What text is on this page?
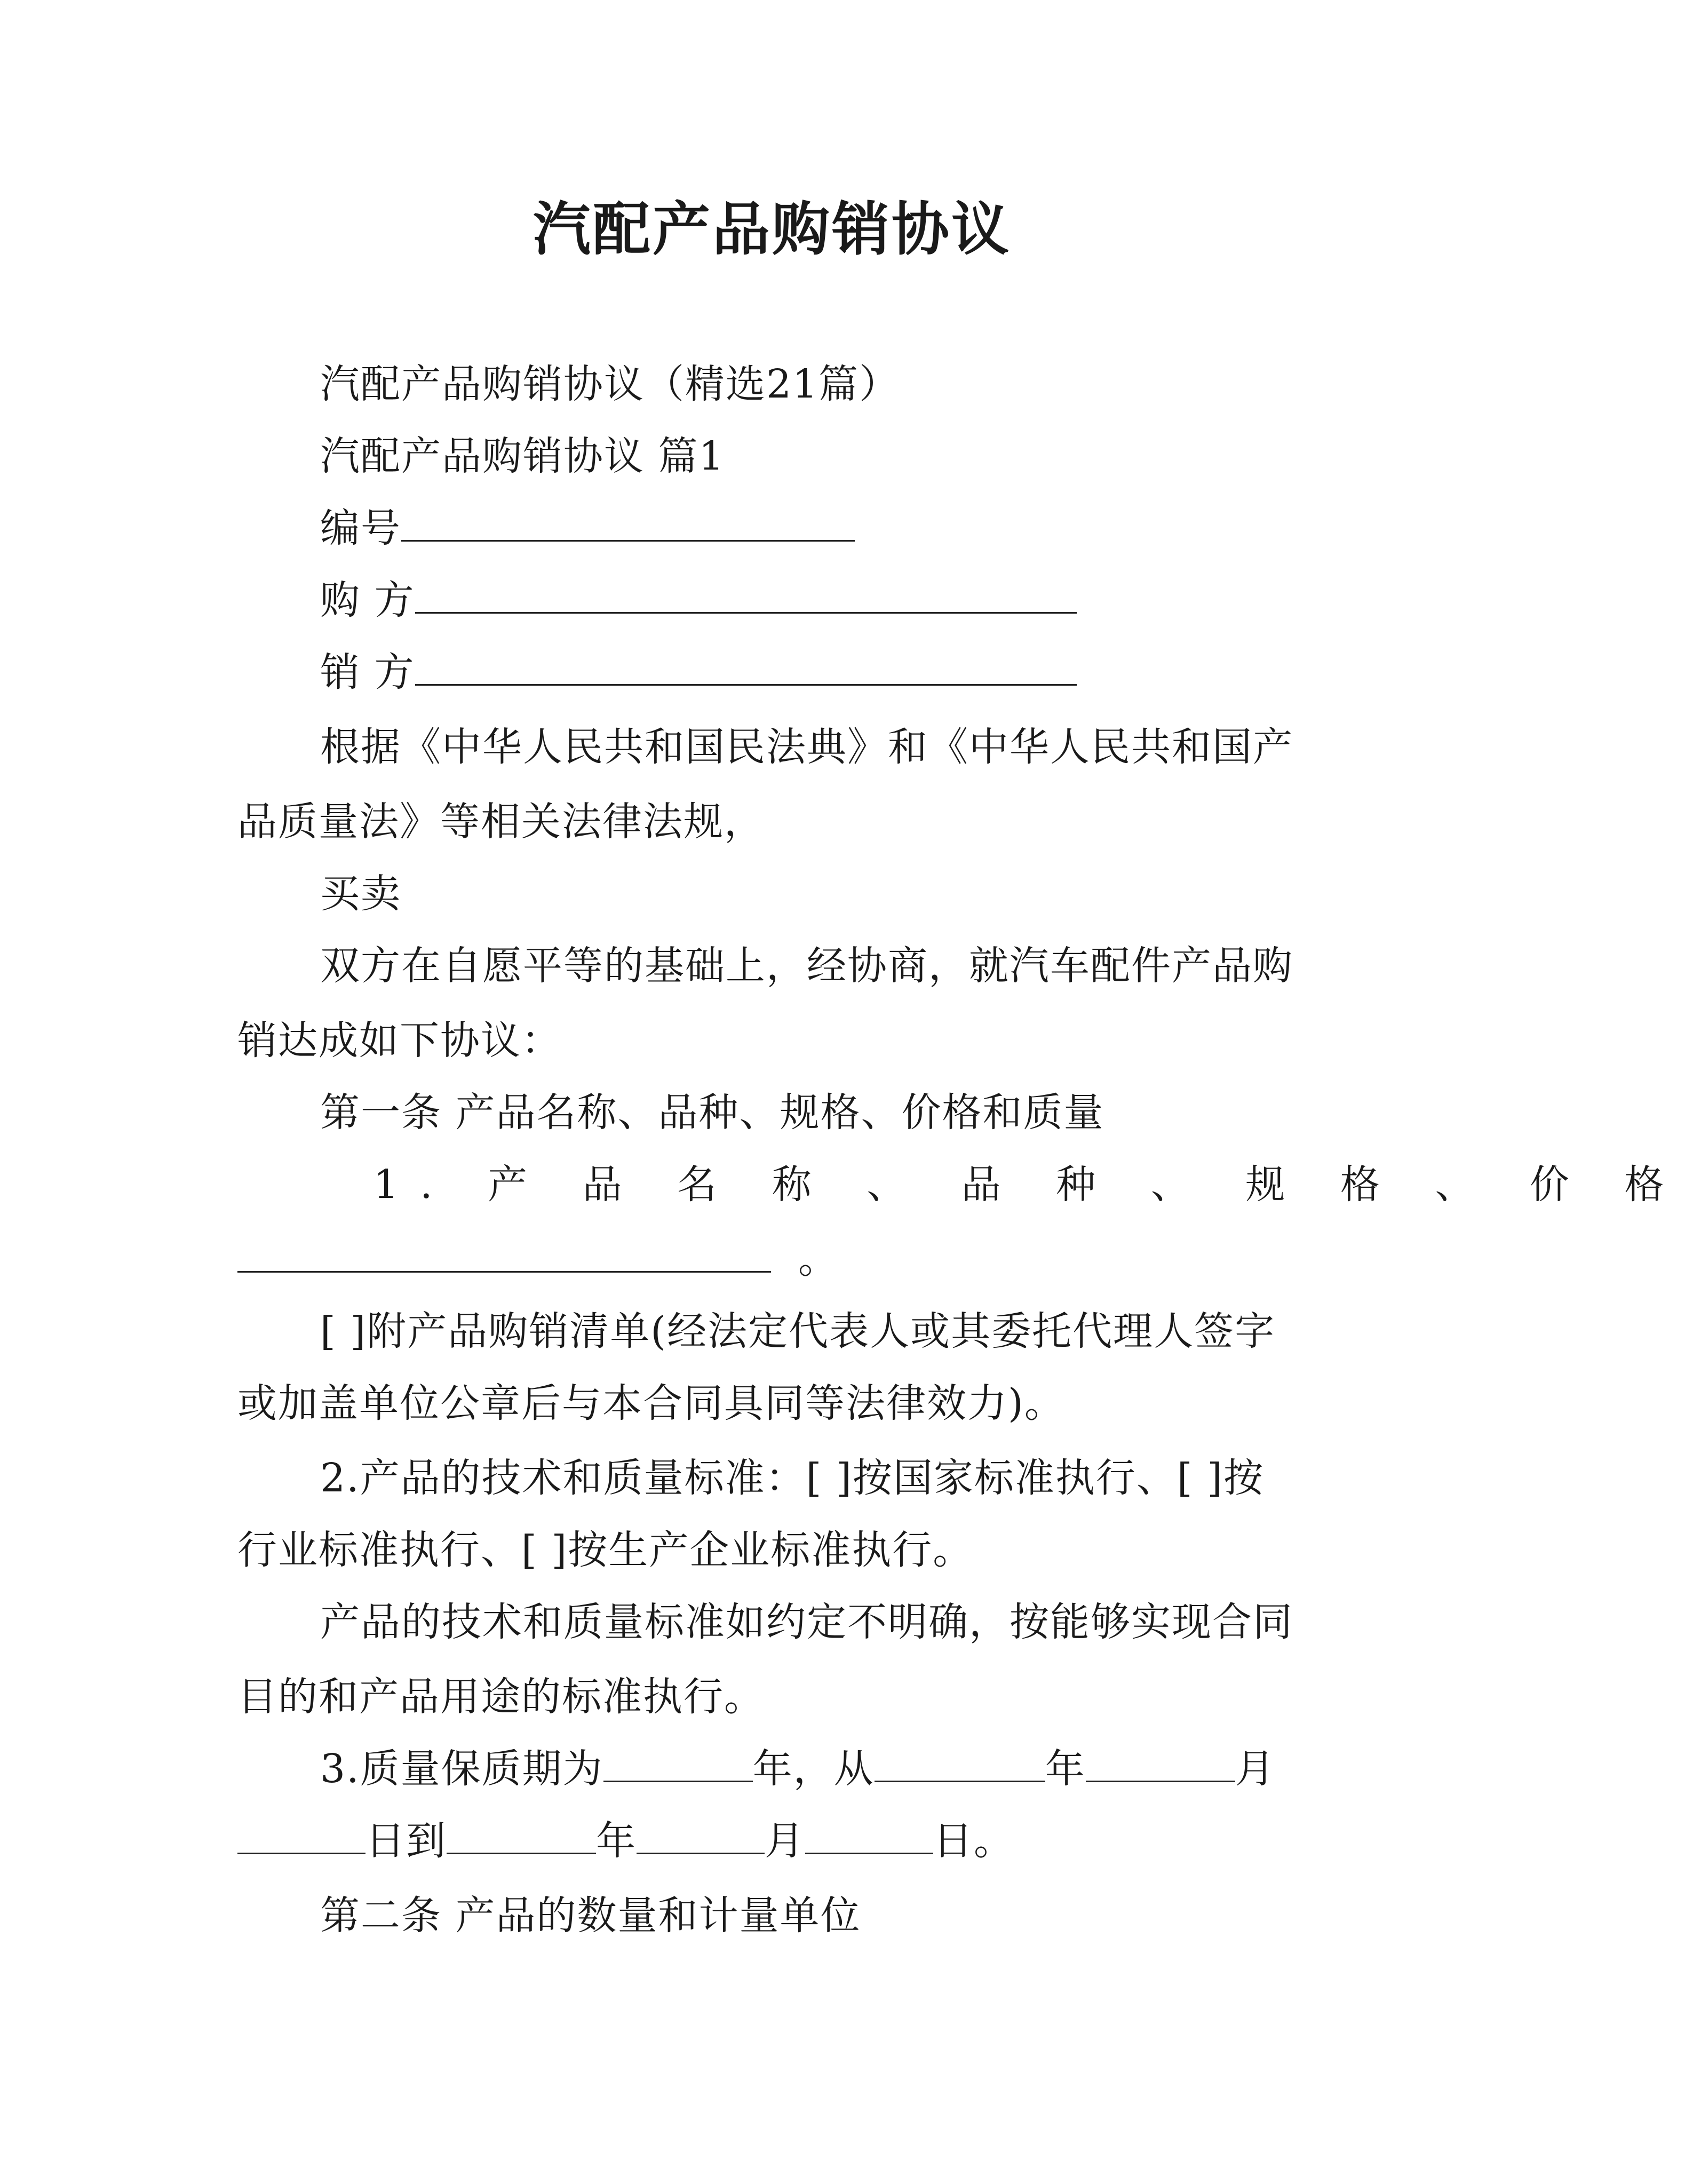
汽配产品购销协议
汽配产品购销协议（精选21篇）
汽配产品购销协议 篇1
编号
购 方
销 方
根据《中华人民共和国民法典》和《中华人民共和国产
品质量法》等相关法律法规，
买卖
双方在自愿平等的基础上，经协商，就汽车配件产品购
销达成如下协议：
第一条 产品名称、品种、规格、价格和质量
1. 产 品 名 称 、 品 种 、 规 格 、 价 格
。
[ ]附产品购销清单(经法定代表人或其委托代理人签字
或加盖单位公章后与本合同具同等法律效力)。
2.产品的技术和质量标准：[ ]按国家标准执行、[ ]按
行业标准执行、[ ]按生产企业标准执行。
产品的技术和质量标准如约定不明确，按能够实现合同
目的和产品用途的标准执行。
3.质量保质期为	年，从	年	月
日到	年	月	日。
第二条 产品的数量和计量单位
